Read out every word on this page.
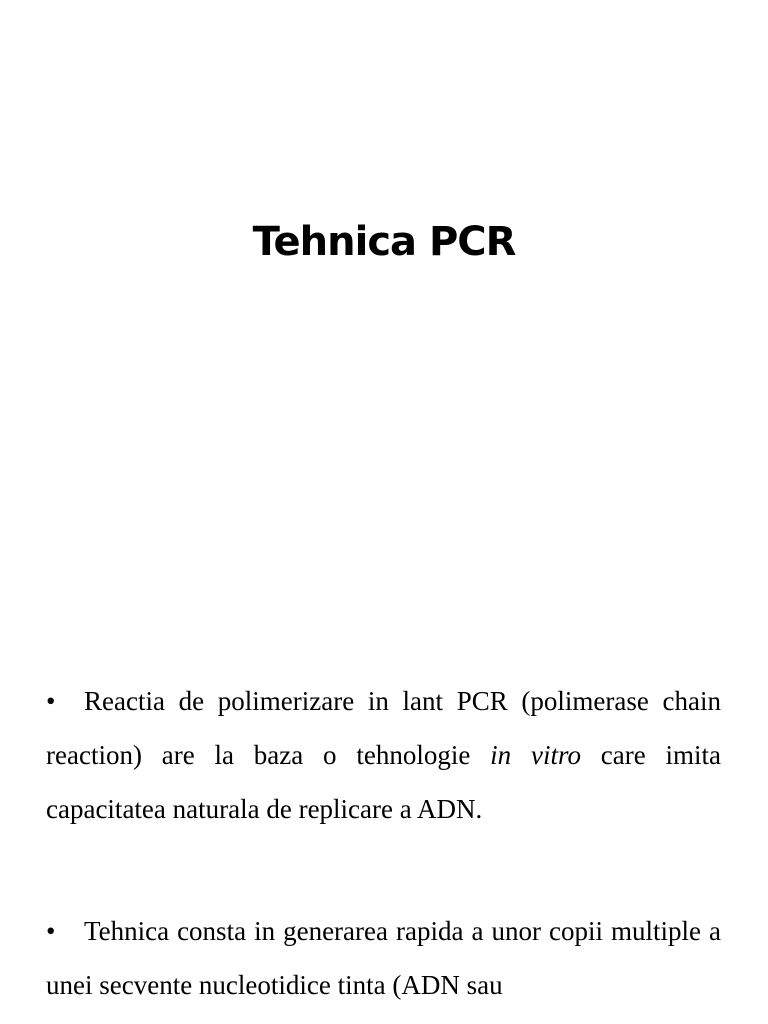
Tehnica PCR

• Reactia de polimerizare in lant PCR (polimerase chain reaction) are la baza o tehnologie in vitro care imita capacitatea naturala de replicare a ADN.

• Tehnica consta in generarea rapida a unor copii multiple a unei secvente nucleotidice tinta (ADN sau
